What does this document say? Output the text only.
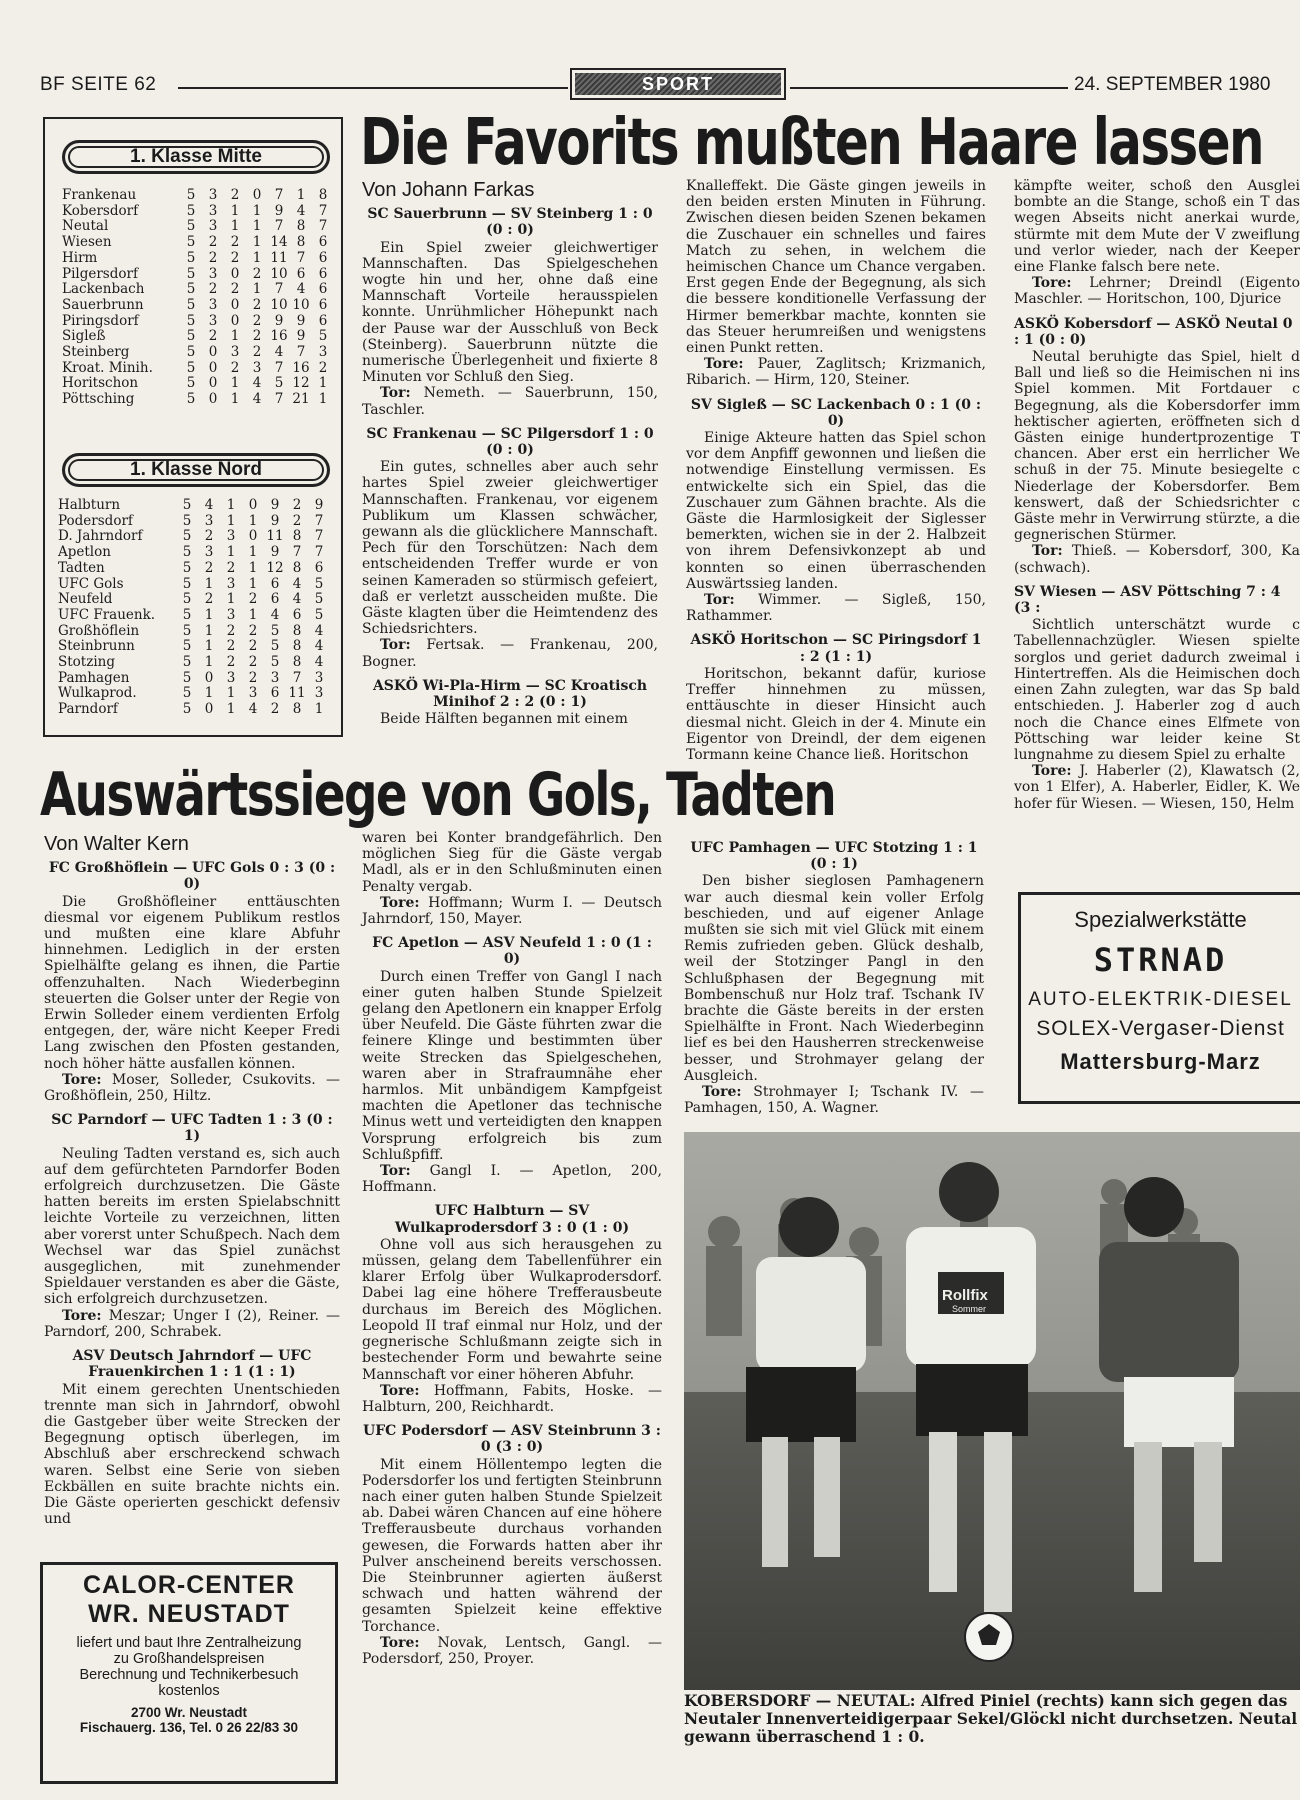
BF SEITE 62	SPORT	24. SEPTEMBER 1980
1. Klasse Mitte
Frankenau	5 3 2 0 7 1 8
Kobersdorf	5 3 1 1 9 4 7
Neutal	5 3 1 1 7 8 7
Wiesen	5 2 2 1 14 8 6
Hirm	5 2 2 1 11 7 6
Pilgersdorf	5 3 0 2 10 6 6
Lackenbach	5 2 2 1 7 4 6
Sauerbrunn	5 3 0 2 10 10 6
Piringsdorf	5 3 0 2 9 9 6
Sigleß	5 2 1 2 16 9 5
Steinberg	5 0 3 2 4 7 3
Kroat. Minih.	5 0 2 3 7 16 2
Horitschon	5 0 1 4 5 12 1
Pöttsching	5 0 1 4 7 21 1
1. Klasse Nord
Halbturn	5 4 1 0 9 2 9
Podersdorf	5 3 1 1 9 2 7
D. Jahrndorf	5 2 3 0 11 8 7
Apetlon	5 3 1 1 9 7 7
Tadten	5 2 2 1 12 8 6
UFC Gols	5 1 3 1 6 4 5
Neufeld	5 2 1 2 6 4 5
UFC Frauenk.	5 1 3 1 4 6 5
Großhöflein	5 1 2 2 5 8 4
Steinbrunn	5 1 2 2 5 8 4
Stotzing	5 1 2 2 5 8 4
Pamhagen	5 0 3 2 3 7 3
Wulkaprod.	5 1 1 3 6 11 3
Parndorf	5 0 1 4 2 8 1
Die Favorits mußten Haare lassen
Von Johann Farkas
SC Sauerbrunn — SV Steinberg 1 : 0 (0 : 0)

Ein Spiel zweier gleichwertiger Mannschaften. Das Spielgeschehen wogte hin und her, ohne daß eine Mannschaft Vorteile herausspielen konnte. Unrühmlicher Höhepunkt nach der Pause war der Ausschluß von Beck (Steinberg). Sauerbrunn nützte die numerische Überlegenheit und fixierte 8 Minuten vor Schluß den Sieg.

Tor: Nemeth. — Sauerbrunn, 150, Taschler.
SC Frankenau — SC Pilgersdorf 1 : 0 (0 : 0)

Ein gutes, schnelles aber auch sehr hartes Spiel zweier gleichwertiger Mannschaften. Frankenau, vor eigenem Publikum um Klassen schwächer, gewann als die glücklichere Mannschaft. Pech für den Torschützen: Nach dem entscheidenden Treffer wurde er von seinen Kameraden so stürmisch gefeiert, daß er verletzt ausscheiden mußte. Die Gäste klagten über die Heimtendenz des Schiedsrichters.

Tor: Fertsak. — Frankenau, 200, Bogner.
ASKÖ Wi-Pla-Hirm — SC Kroatisch Minihof 2 : 2 (0 : 1)

Beide Hälften begannen mit einem

Knalleffekt. Die Gäste gingen jeweils in den beiden ersten Minuten in Führung. Zwischen diesen beiden Szenen bekamen die Zuschauer ein schnelles und faires Match zu sehen, in welchem die heimischen Chance um Chance vergaben. Erst gegen Ende der Begegnung, als sich die bessere konditionelle Verfassung der Hirmer bemerkbar machte, konnten sie das Steuer herumreißen und wenigstens einen Punkt retten.

Tore: Pauer, Zaglitsch; Krizmanich, Ribarich. — Hirm, 120, Steiner.
SV Sigleß — SC Lackenbach 0 : 1 (0 : 0)

Einige Akteure hatten das Spiel schon vor dem Anpfiff gewonnen und ließen die notwendige Einstellung vermissen. Es entwickelte sich ein Spiel, das die Zuschauer zum Gähnen brachte. Als die Gäste die Harmlosigkeit der Siglesser bemerkten, wichen sie in der 2. Halbzeit von ihrem Defensivkonzept ab und konnten so einen überraschenden Auswärtssieg landen.

Tor: Wimmer. — Sigleß, 150, Rathammer.
ASKÖ Horitschon — SC Piringsdorf 1 : 2 (1 : 1)

Horitschon, bekannt dafür, kuriose Treffer hinnehmen zu müssen, enttäuschte in dieser Hinsicht auch diesmal nicht. Gleich in der 4. Minute ein Eigentor von Dreindl, der dem eigenen Tormann keine Chance ließ. Horitschon

kämpfte weiter, schoß den Ausglei bombte an die Stange, schoß ein T das wegen Abseits nicht anerkai wurde, stürmte mit dem Mute der V zweiflung und verlor wieder, nach der Keeper eine Flanke falsch bere nete.

Tore: Lehrner; Dreindl (Eigento Maschler. — Horitschon, 100, Djurice
ASKÖ Kobersdorf — ASKÖ Neutal 0 : 1 (0 : 0)

Neutal beruhigte das Spiel, hielt d Ball und ließ so die Heimischen ni ins Spiel kommen. Mit Fortdauer c Begegnung, als die Kobersdorfer imm hektischer agierten, eröffneten sich d Gästen einige hundertprozentige T chancen. Aber erst ein herrlicher We schuß in der 75. Minute besiegelte c Niederlage der Kobersdorfer. Bem kenswert, daß der Schiedsrichter c Gäste mehr in Verwirrung stürzte, a die gegnerischen Stürmer.

Tor: Thieß. — Kobersdorf, 300, Ka (schwach).
SV Wiesen — ASV Pöttsching 7 : 4 (3 :

Sichtlich unterschätzt wurde c Tabellennachzügler. Wiesen spielte sorglos und geriet dadurch zweimal i Hintertreffen. Als die Heimischen doch einen Zahn zulegten, war das Sp bald entschieden. J. Haberler zog d auch noch die Chance eines Elfmete von Pöttsching war leider keine St lungnahme zu diesem Spiel zu erhalte

Tore: J. Haberler (2), Klawatsch (2, von 1 Elfer), A. Haberler, Eidler, K. We hofer für Wiesen. — Wiesen, 150, Helm
Auswärtssiege von Gols, Tadten
Von Walter Kern
FC Großhöflein — UFC Gols 0 : 3 (0 : 0)

Die Großhöfleiner enttäuschten diesmal vor eigenem Publikum restlos und mußten eine klare Abfuhr hinnehmen. Lediglich in der ersten Spielhälfte gelang es ihnen, die Partie offenzuhalten. Nach Wiederbeginn steuerten die Golser unter der Regie von Erwin Solleder einem verdienten Erfolg entgegen, der, wäre nicht Keeper Fredi Lang zwischen den Pfosten gestanden, noch höher hätte ausfallen können.

Tore: Moser, Solleder, Csukovits. — Großhöflein, 250, Hiltz.
SC Parndorf — UFC Tadten 1 : 3 (0 : 1)

Neuling Tadten verstand es, sich auch auf dem gefürchteten Parndorfer Boden erfolgreich durchzusetzen. Die Gäste hatten bereits im ersten Spielabschnitt leichte Vorteile zu verzeichnen, litten aber vorerst unter Schußpech. Nach dem Wechsel war das Spiel zunächst ausgeglichen, mit zunehmender Spieldauer verstanden es aber die Gäste, sich erfolgreich durchzusetzen.

Tore: Meszar; Unger I (2), Reiner. — Parndorf, 200, Schrabek.
ASV Deutsch Jahrndorf — UFC Frauenkirchen 1 : 1 (1 : 1)

Mit einem gerechten Unentschieden trennte man sich in Jahrndorf, obwohl die Gastgeber über weite Strecken der Begegnung optisch überlegen, im Abschluß aber erschreckend schwach waren. Selbst eine Serie von sieben Eckbällen en suite brachte nichts ein. Die Gäste operierten geschickt defensiv und

waren bei Konter brandgefährlich. Den möglichen Sieg für die Gäste vergab Madl, als er in den Schlußminuten einen Penalty vergab.

Tore: Hoffmann; Wurm I. — Deutsch Jahrndorf, 150, Mayer.
FC Apetlon — ASV Neufeld 1 : 0 (1 : 0)

Durch einen Treffer von Gangl I nach einer guten halben Stunde Spielzeit gelang den Apetlonern ein knapper Erfolg über Neufeld. Die Gäste führten zwar die feinere Klinge und bestimmten über weite Strecken das Spielgeschehen, waren aber in Strafraumnähe eher harmlos. Mit unbändigem Kampfgeist machten die Apetloner das technische Minus wett und verteidigten den knappen Vorsprung erfolgreich bis zum Schlußpfiff.

Tor: Gangl I. — Apetlon, 200, Hoffmann.
UFC Halbturn — SV Wulkaprodersdorf 3 : 0 (1 : 0)

Ohne voll aus sich herausgehen zu müssen, gelang dem Tabellenführer ein klarer Erfolg über Wulkaprodersdorf. Dabei lag eine höhere Trefferausbeute durchaus im Bereich des Möglichen. Leopold II traf einmal nur Holz, und der gegnerische Schlußmann zeigte sich in bestechender Form und bewahrte seine Mannschaft vor einer höheren Abfuhr.

Tore: Hoffmann, Fabits, Hoske. — Halbturn, 200, Reichhardt.
UFC Podersdorf — ASV Steinbrunn 3 : 0 (3 : 0)

Mit einem Höllentempo legten die Podersdorfer los und fertigten Steinbrunn nach einer guten halben Stunde Spielzeit ab. Dabei wären Chancen auf eine höhere Trefferausbeute durchaus vorhanden gewesen, die Forwards hatten aber ihr Pulver anscheinend bereits verschossen. Die Steinbrunner agierten äußerst schwach und hatten während der gesamten Spielzeit keine effektive Torchance.

Tore: Novak, Lentsch, Gangl. — Podersdorf, 250, Proyer.
UFC Pamhagen — UFC Stotzing 1 : 1 (0 : 1)

Den bisher sieglosen Pamhagenern war auch diesmal kein voller Erfolg beschieden, und auf eigener Anlage mußten sie sich mit viel Glück mit einem Remis zufrieden geben. Glück deshalb, weil der Stotzinger Pangl in den Schlußphasen der Begegnung mit Bombenschuß nur Holz traf. Tschank IV brachte die Gäste bereits in der ersten Spielhälfte in Front. Nach Wiederbeginn lief es bei den Hausherren streckenweise besser, und Strohmayer gelang der Ausgleich.

Tore: Strohmayer I; Tschank IV. — Pamhagen, 150, A. Wagner.
Spezialwerkstätte
STRNAD
AUTO-ELEKTRIK-DIESEL
SOLEX-Vergaser-Dienst
Mattersburg-Marz
Rollfix
Sommer
KOBERSDORF — NEUTAL: Alfred Piniel (rechts) kann sich gegen das Neutaler Innenverteidigerpaar Sekel/Glöckl nicht durchsetzen. Neutal gewann überraschend 1 : 0.
CALOR-CENTER
WR. NEUSTADT
liefert und baut Ihre Zentralheizung
zu Großhandelspreisen
Berechnung und Technikerbesuch
kostenlos
2700 Wr. Neustadt
Fischauerg. 136, Tel. 0 26 22/83 30
